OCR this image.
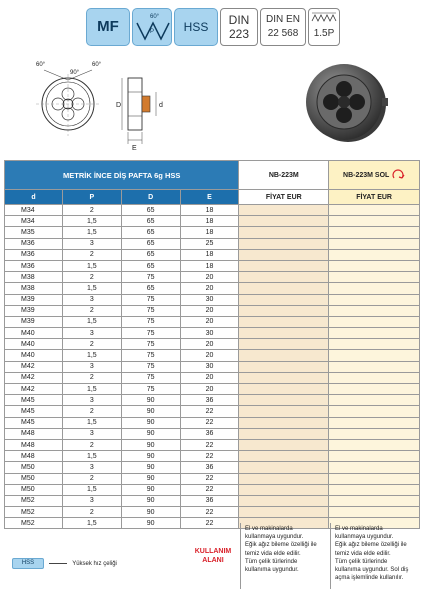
MF
60°
P	HSS	DIN
223
DIN EN
22 568	1.5P
60°	60°
90°
D	d
E
METRİK İNCE DİŞ PAFTA 6g HSS				NB-223M	NB-223M SOL
d	P	D	E	FİYAT EUR	FİYAT EUR
M34	2	65	18		
M34	1,5	65	18		
M35	1,5	65	18		
M36	3	65	25		
M36	2	65	18		
M36	1,5	65	18		
M38	2	75	20		
M38	1,5	65	20		
M39	3	75	30		
M39	2	75	20		
M39	1,5	75	20		
M40	3	75	30		
M40	2	75	20		
M40	1,5	75	20		
M42	3	75	30		
M42	2	75	20		
M42	1,5	75	20		
M45	3	90	36		
M45	2	90	22		
M45	1,5	90	22		
M48	3	90	36		
M48	2	90	22		
M48	1,5	90	22		
M50	3	90	36		
M50	2	90	22		
M50	1,5	90	22		
M52	3	90	36		
M52	2	90	22		
M52	1,5	90	22		
HSS	Yüksek hız çeliği
KULLANIM
ALANI
El ve makinalarda
kullanmaya uygundur.
Eğik ağız bileme özelliği ile
temiz vida elde edilir.
Tüm çelik türlerinde
kullanıma uygundur.
El ve makinalarda
kullanmaya uygundur.
Eğik ağız bileme özelliği ile
temiz vida elde edilir.
Tüm çelik türlerinde
kullanıma uygundur. Sol diş
açma işlemlinde kullanılır.
